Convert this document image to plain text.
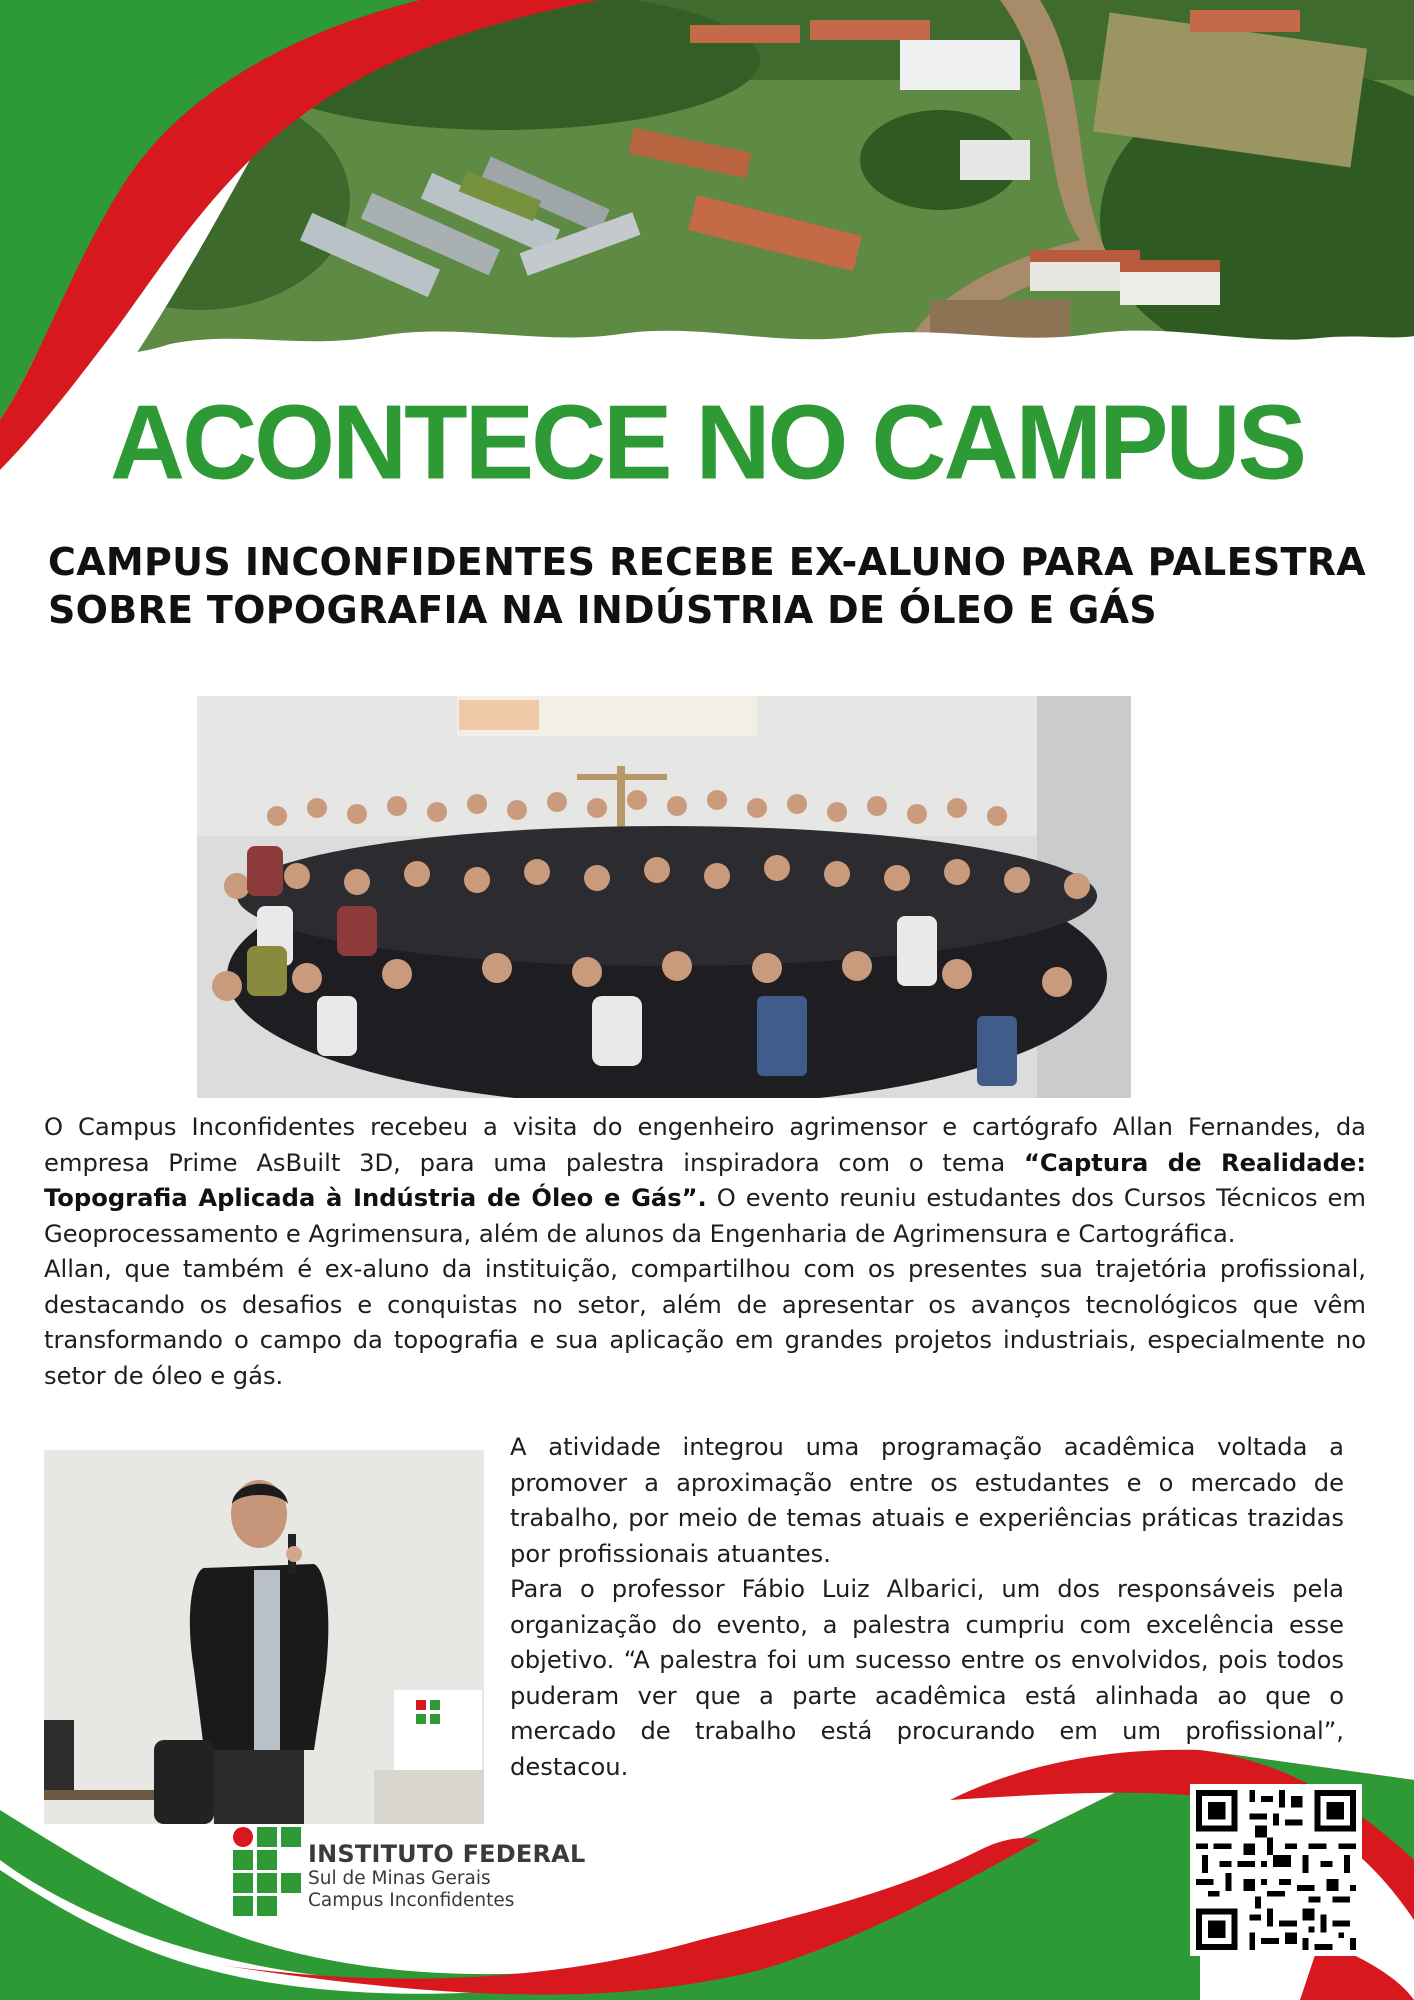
ACONTECE NO CAMPUS
CAMPUS INCONFIDENTES RECEBE EX-ALUNO PARA PALESTRA SOBRE TOPOGRAFIA NA INDÚSTRIA DE ÓLEO E GÁS

O Campus Inconfidentes recebeu a visita do engenheiro agrimensor e cartógrafo Allan Fernandes, da empresa Prime AsBuilt 3D, para uma palestra inspiradora com o tema “Captura de Realidade: Topografia Aplicada à Indústria de Óleo e Gás”. O evento reuniu estudantes dos Cursos Técnicos em Geoprocessamento e Agrimensura, além de alunos da Engenharia de Agrimensura e Cartográfica.

Allan, que também é ex-aluno da instituição, compartilhou com os presentes sua trajetória profissional, destacando os desafios e conquistas no setor, além de apresentar os avanços tecnológicos que vêm transformando o campo da topografia e sua aplicação em grandes projetos industriais, especialmente no setor de óleo e gás.

A atividade integrou uma programação acadêmica voltada a promover a aproximação entre os estudantes e o mercado de trabalho, por meio de temas atuais e experiências práticas trazidas por profissionais atuantes.

Para o professor Fábio Luiz Albarici, um dos responsáveis pela organização do evento, a palestra cumpriu com excelência esse objetivo. “A palestra foi um sucesso entre os envolvidos, pois todos puderam ver que a parte acadêmica está alinhada ao que o mercado de trabalho está procurando em um profissional”, destacou.

INSTITUTO FEDERAL
Sul de Minas Gerais
Campus Inconfidentes
